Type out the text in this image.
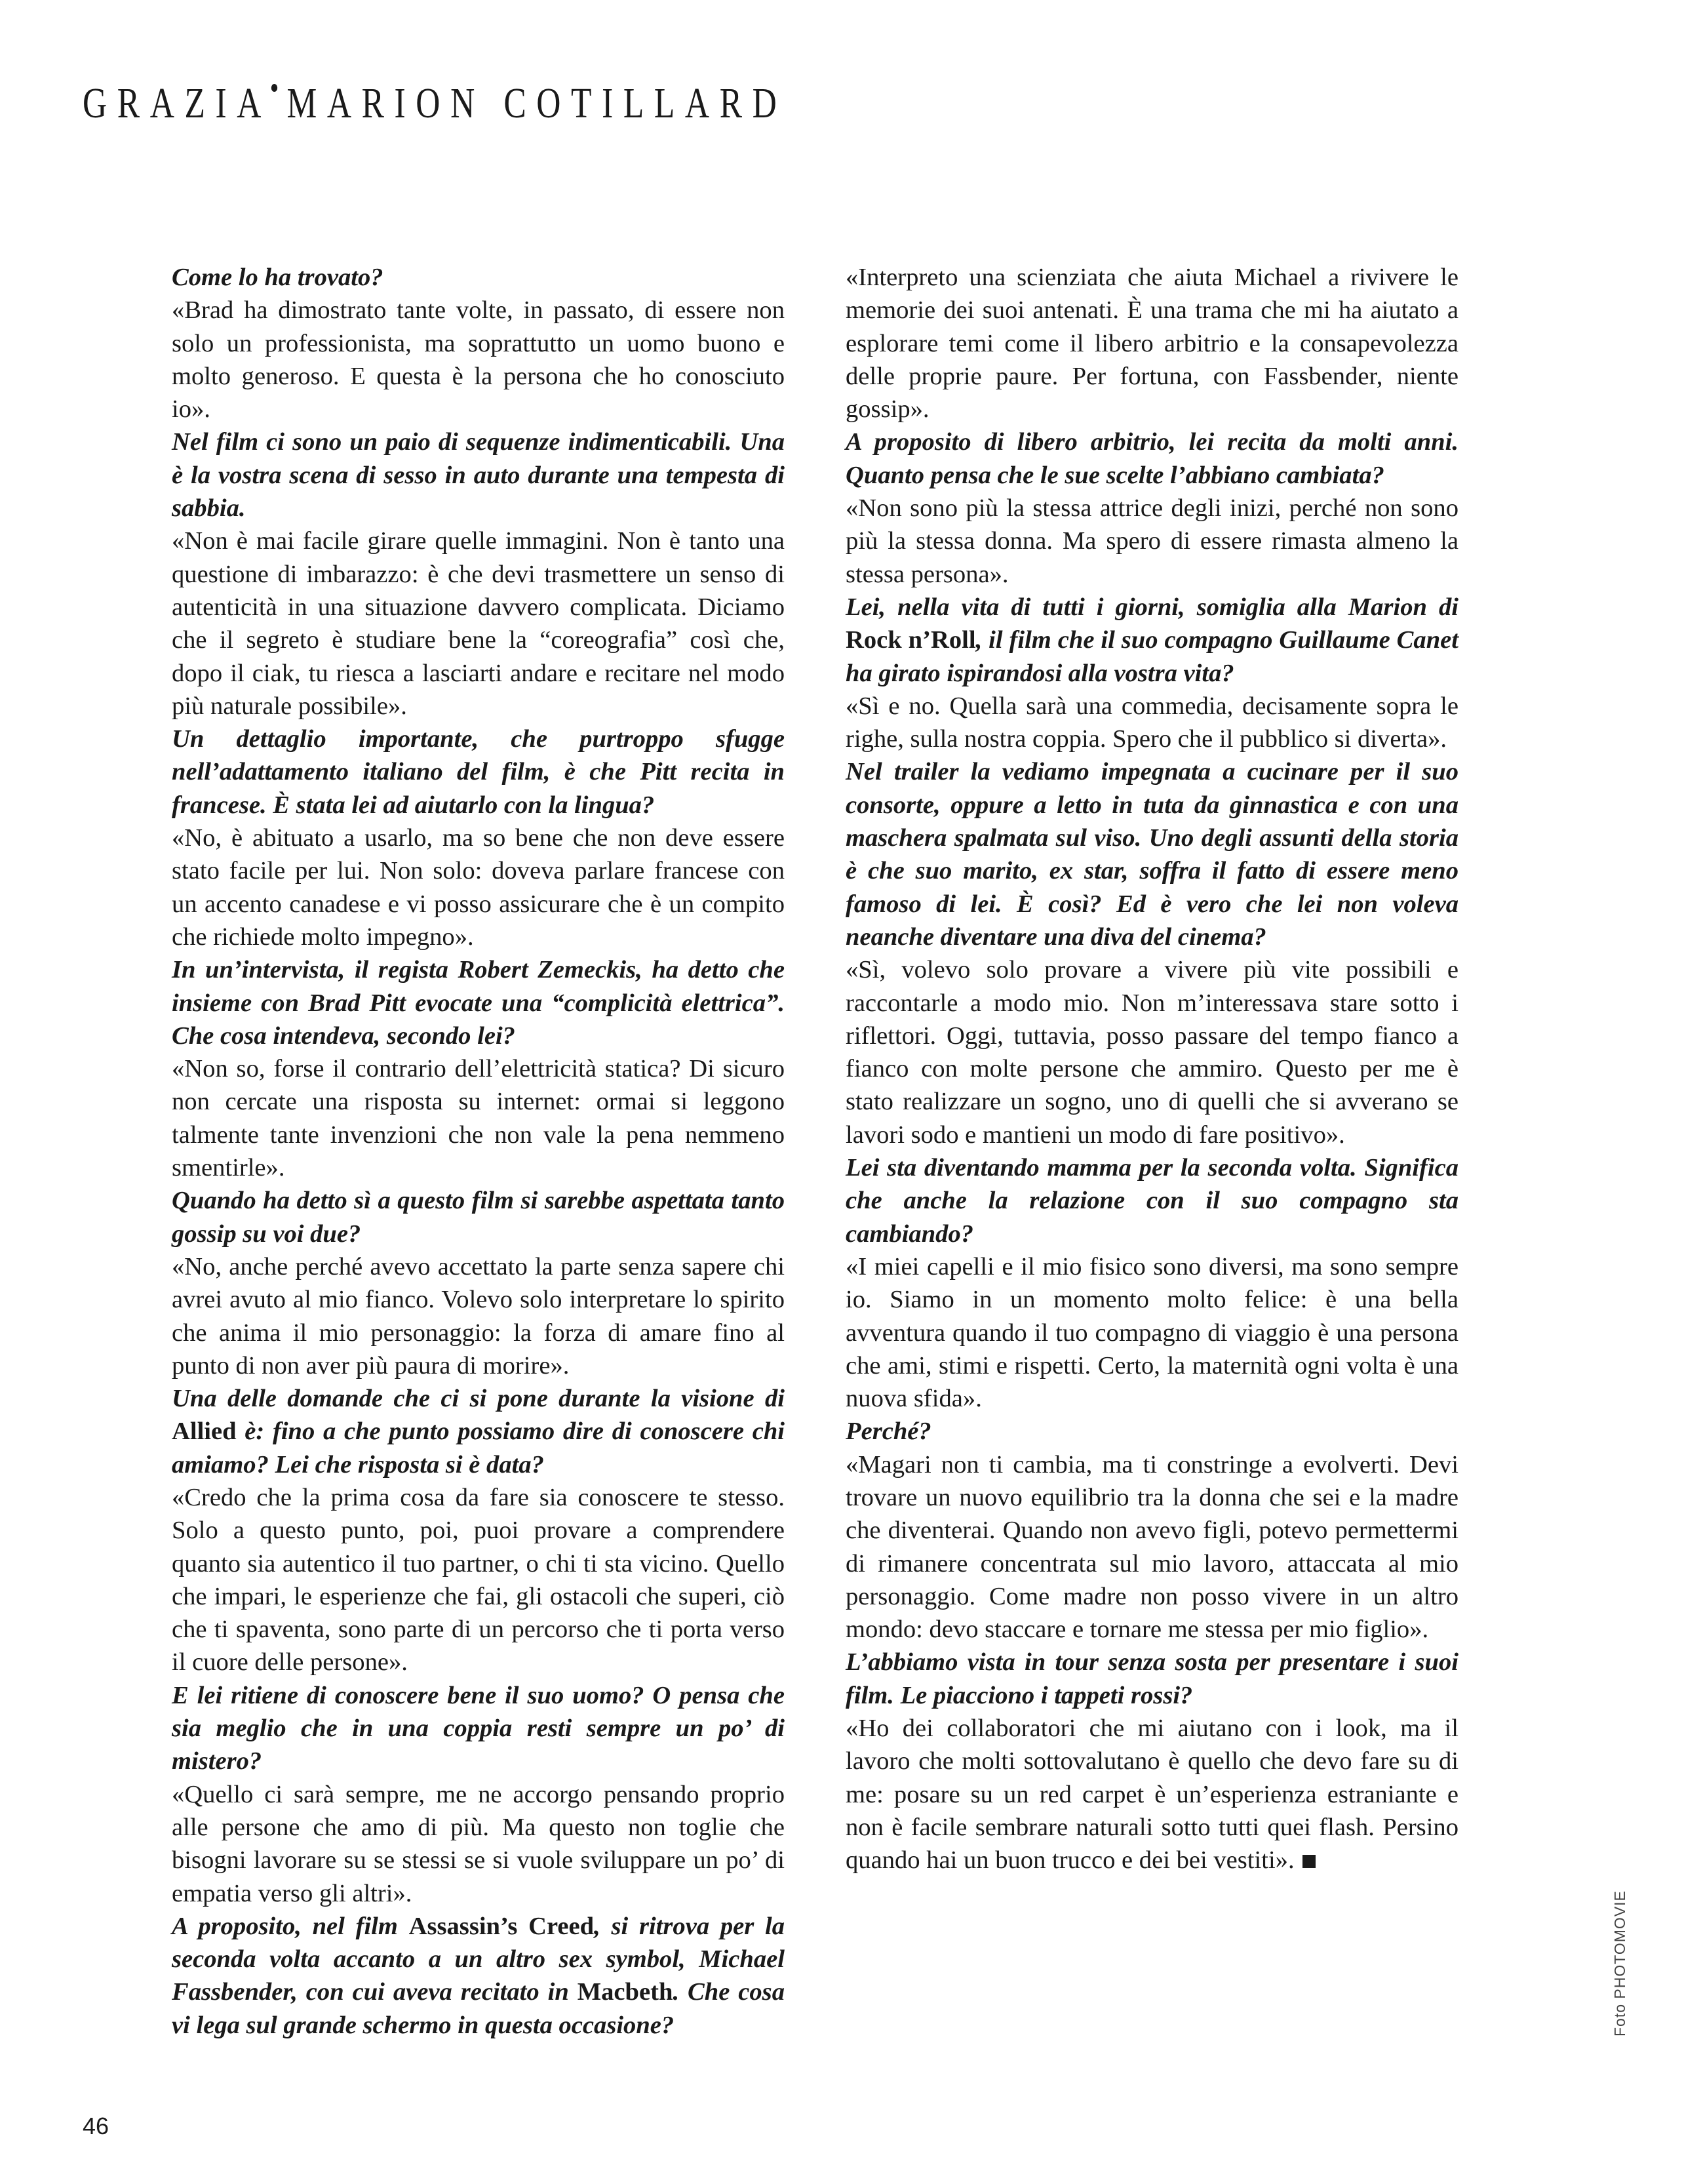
GRAZIA MARION COTILLARD

Come lo ha trovato?

«Brad ha dimostrato tante volte, in passato, di essere non solo un professionista, ma soprattutto un uomo buono e molto generoso. E questa è la persona che ho conosciuto io».

Nel film ci sono un paio di sequenze indimenticabili. Una è la vostra scena di sesso in auto durante una tempesta di sabbia.

«Non è mai facile girare quelle immagini. Non è tanto una questione di imbarazzo: è che devi trasmettere un senso di autenticità in una situazione davvero complicata. Diciamo che il segreto è studiare bene la “coreografia” così che, dopo il ciak, tu riesca a lasciarti andare e recitare nel modo più naturale possibile».

Un dettaglio importante, che purtroppo sfugge nell’adattamento italiano del film, è che Pitt recita in francese. È stata lei ad aiutarlo con la lingua?

«No, è abituato a usarlo, ma so bene che non deve essere stato facile per lui. Non solo: doveva parlare francese con un accento canadese e vi posso assicurare che è un compito che richiede molto impegno».

In un’intervista, il regista Robert Zemeckis, ha detto che insieme con Brad Pitt evocate una “complicità elettrica”. Che cosa intendeva, secondo lei?

«Non so, forse il contrario dell’elettricità statica? Di sicuro non cercate una risposta su internet: ormai si leggono talmente tante invenzioni che non vale la pena nemmeno smentirle».

Quando ha detto sì a questo film si sarebbe aspettata tanto gossip su voi due?

«No, anche perché avevo accettato la parte senza sapere chi avrei avuto al mio fianco. Volevo solo interpretare lo spirito che anima il mio personaggio: la forza di amare fino al punto di non aver più paura di morire».

Una delle domande che ci si pone durante la visione di Allied è: fino a che punto possiamo dire di conoscere chi amiamo? Lei che risposta si è data?

«Credo che la prima cosa da fare sia conoscere te stesso. Solo a questo punto, poi, puoi provare a comprendere quanto sia autentico il tuo partner, o chi ti sta vicino. Quello che impari, le esperienze che fai, gli ostacoli che superi, ciò che ti spaventa, sono parte di un percorso che ti porta verso il cuore delle persone».

E lei ritiene di conoscere bene il suo uomo? O pensa che sia meglio che in una coppia resti sempre un po’ di mistero?

«Quello ci sarà sempre, me ne accorgo pensando proprio alle persone che amo di più. Ma questo non toglie che bisogni lavorare su se stessi se si vuole sviluppare un po’ di empatia verso gli altri».

A proposito, nel film Assassin’s Creed, si ritrova per la seconda volta accanto a un altro sex symbol, Michael Fassbender, con cui aveva recitato in Macbeth. Che cosa vi lega sul grande schermo in questa occasione?

«Interpreto una scienziata che aiuta Michael a rivivere le memorie dei suoi antenati. È una trama che mi ha aiutato a esplorare temi come il libero arbitrio e la consapevolezza delle proprie paure. Per fortuna, con Fassbender, niente gossip».

A proposito di libero arbitrio, lei recita da molti anni. Quanto pensa che le sue scelte l’abbiano cambiata?

«Non sono più la stessa attrice degli inizi, perché non sono più la stessa donna. Ma spero di essere rimasta almeno la stessa persona».

Lei, nella vita di tutti i giorni, somiglia alla Marion di Rock n’Roll, il film che il suo compagno Guillaume Canet ha girato ispirandosi alla vostra vita?

«Sì e no. Quella sarà una commedia, decisamente sopra le righe, sulla nostra coppia. Spero che il pubblico si diverta».

Nel trailer la vediamo impegnata a cucinare per il suo consorte, oppure a letto in tuta da ginnastica e con una maschera spalmata sul viso. Uno degli assunti della storia è che suo marito, ex star, soffra il fatto di essere meno famoso di lei. È così? Ed è vero che lei non voleva neanche diventare una diva del cinema?

«Sì, volevo solo provare a vivere più vite possibili e raccontarle a modo mio. Non m’interessava stare sotto i riflettori. Oggi, tuttavia, posso passare del tempo fianco a fianco con molte persone che ammiro. Questo per me è stato realizzare un sogno, uno di quelli che si avverano se lavori sodo e mantieni un modo di fare positivo».

Lei sta diventando mamma per la seconda volta. Significa che anche la relazione con il suo compagno sta cambiando?

«I miei capelli e il mio fisico sono diversi, ma sono sempre io. Siamo in un momento molto felice: è una bella avventura quando il tuo compagno di viaggio è una persona che ami, stimi e rispetti. Certo, la maternità ogni volta è una nuova sfida».

Perché?

«Magari non ti cambia, ma ti constringe a evolverti. Devi trovare un nuovo equilibrio tra la donna che sei e la madre che diventerai. Quando non avevo figli, potevo permettermi di rimanere concentrata sul mio lavoro, attaccata al mio personaggio. Come madre non posso vivere in un altro mondo: devo staccare e tornare me stessa per mio figlio».

L’abbiamo vista in tour senza sosta per presentare i suoi film. Le piacciono i tappeti rossi?

«Ho dei collaboratori che mi aiutano con i look, ma il lavoro che molti sottovalutano è quello che devo fare su di me: posare su un red carpet è un’esperienza estraniante e non è facile sembrare naturali sotto tutti quei flash. Persino quando hai un buon trucco e dei bei vestiti».

Foto PHOTOMOVIE
46
